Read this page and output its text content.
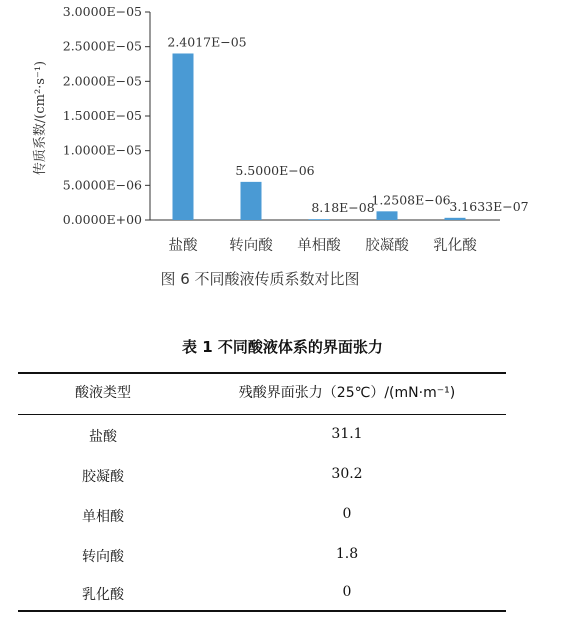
0.0000E+00
5.0000E−06
1.0000E−05
1.5000E−05
2.0000E−05
2.5000E−05
3.0000E−05
2.4017E−05
5.5000E−06
8.18E−08
1.2508E−06
3.1633E−07
盐酸 转向酸 单相酸 胶凝酸 乳化酸
传质系数/(cm²·s⁻¹)
图 6 不同酸液传质系数对比图
表 1 不同酸液体系的界面张力
酸液类型	残酸界面张力（25℃）/(mN·m⁻¹)
盐酸	31.1
胶凝酸	30.2
单相酸	0
转向酸	1.8
乳化酸	0
